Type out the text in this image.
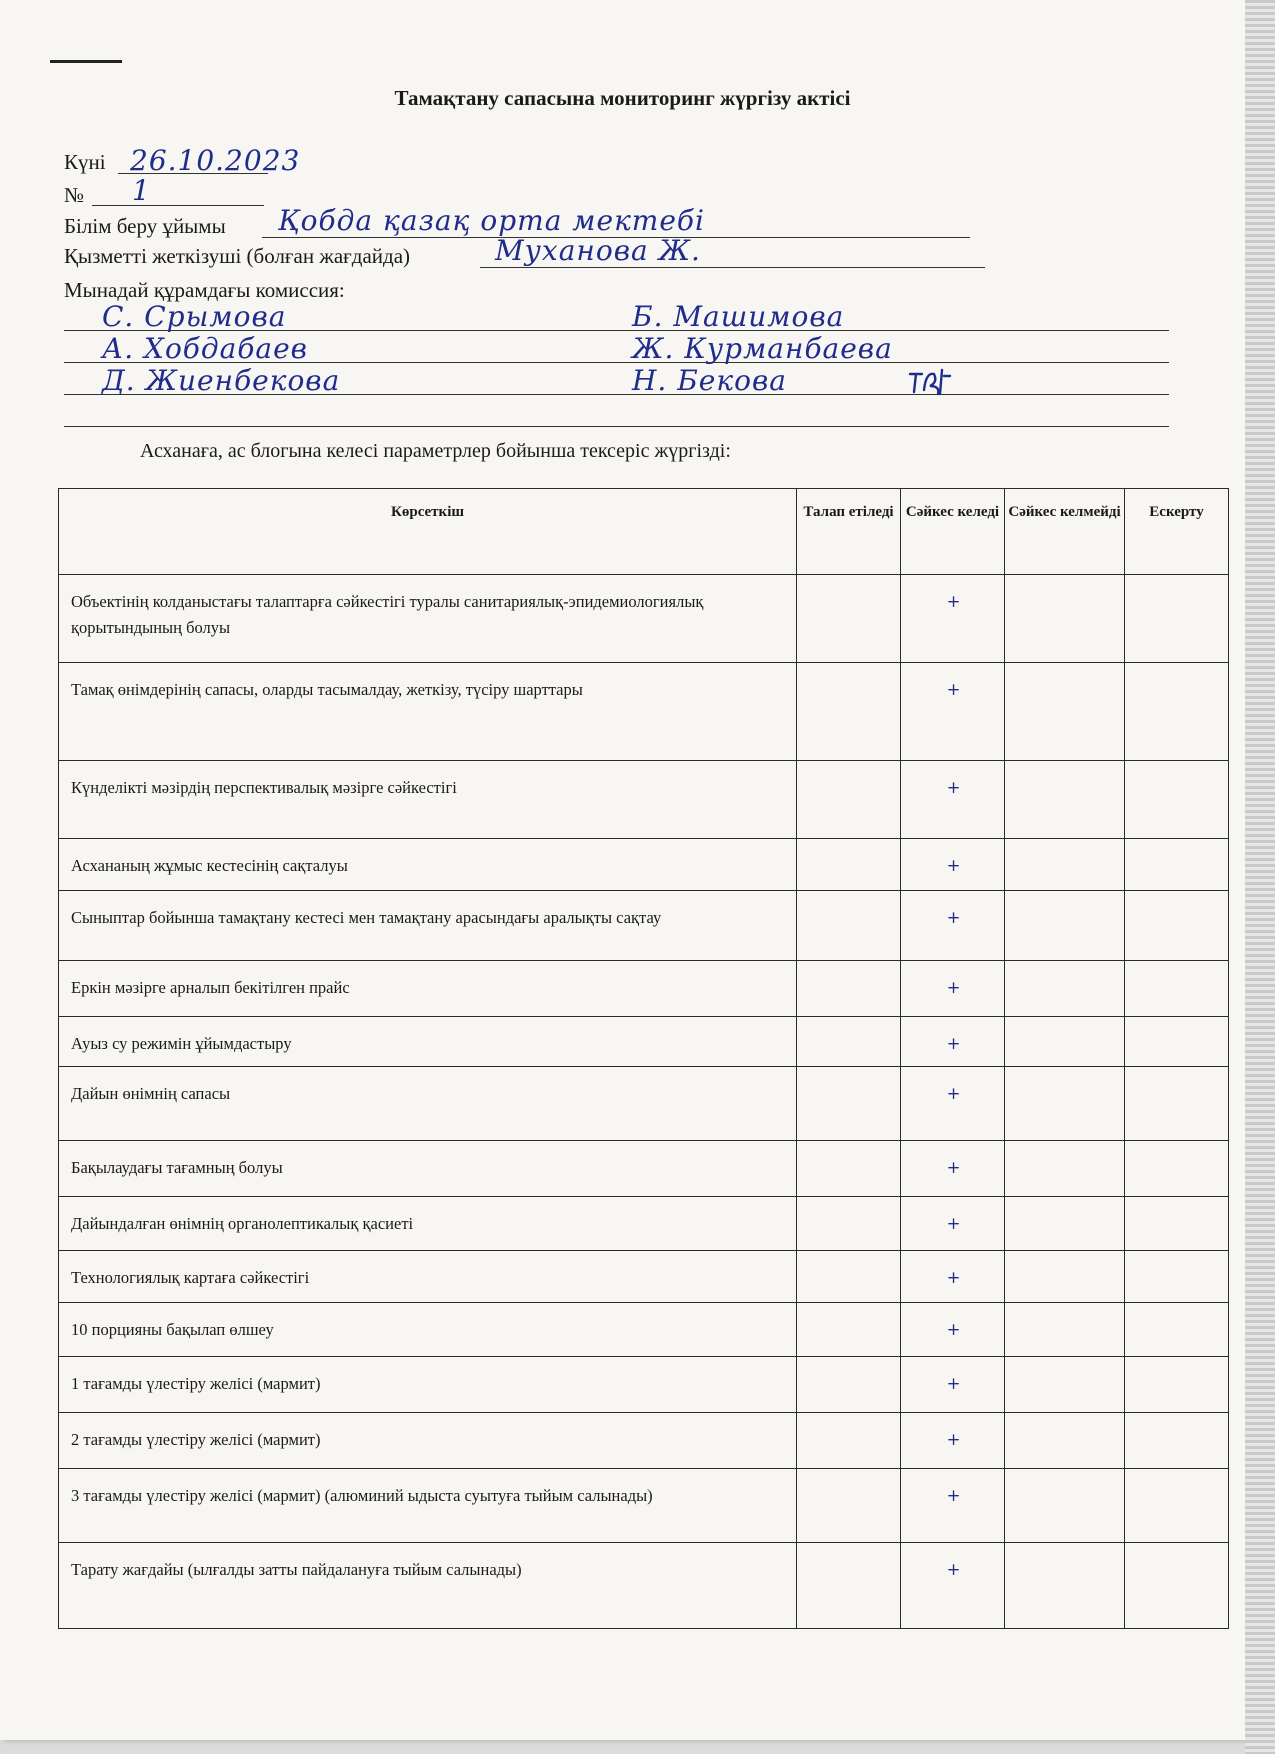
Тамақтану сапасына мониторинг жүргізу актісі
Күні 26.10.2023
№ 1
Білім беру ұйымы Қобда қазақ орта мектебі
Қызметті жеткізуші (болған жағдайда)	Муханова Ж.
Мынадай құрамдағы комиссия:
С. Срымова
А. Хобдабаев
Д. Жиенбекова
Б. Машимова
Ж. Курманбаева
Н. Бекова
Асханаға, ас блогына келесі параметрлер бойынша тексеріс жүргізді:
Көрсеткіш	Талап етіледі	Сәйкес келеді	Сәйкес келмейді	Ескерту
Объектінің колданыстағы талаптарға сәйкестігі туралы санитариялық-эпидемиологиялық қорытындының болуы		+		
Тамақ өнімдерінің сапасы, оларды тасымалдау, жеткізу, түсіру шарттары		+		
Күнделікті мәзірдің перспективалық мәзірге сәйкестігі		+		
Асхананың жұмыс кестесінің сақталуы		+		
Сыныптар бойынша тамақтану кестесі мен тамақтану арасындағы аралықты сақтау		+		
Еркін мәзірге арналып бекітілген прайс		+		
Ауыз су режимін ұйымдастыру		+		
Дайын өнімнің сапасы		+		
Бақылаудағы тағамның болуы		+		
Дайындалған өнімнің органолептикалық қасиеті		+		
Технологиялық картаға сәйкестігі		+		
10 порцияны бақылап өлшеу		+		
1 тағамды үлестіру желісі (мармит)		+		
2 тағамды үлестіру желісі (мармит)		+		
3 тағамды үлестіру желісі (мармит) (алюминий ыдыста суытуға тыйым салынады)		+		
Тарату жағдайы (ылғалды затты пайдалануға тыйым салынады)		+		
